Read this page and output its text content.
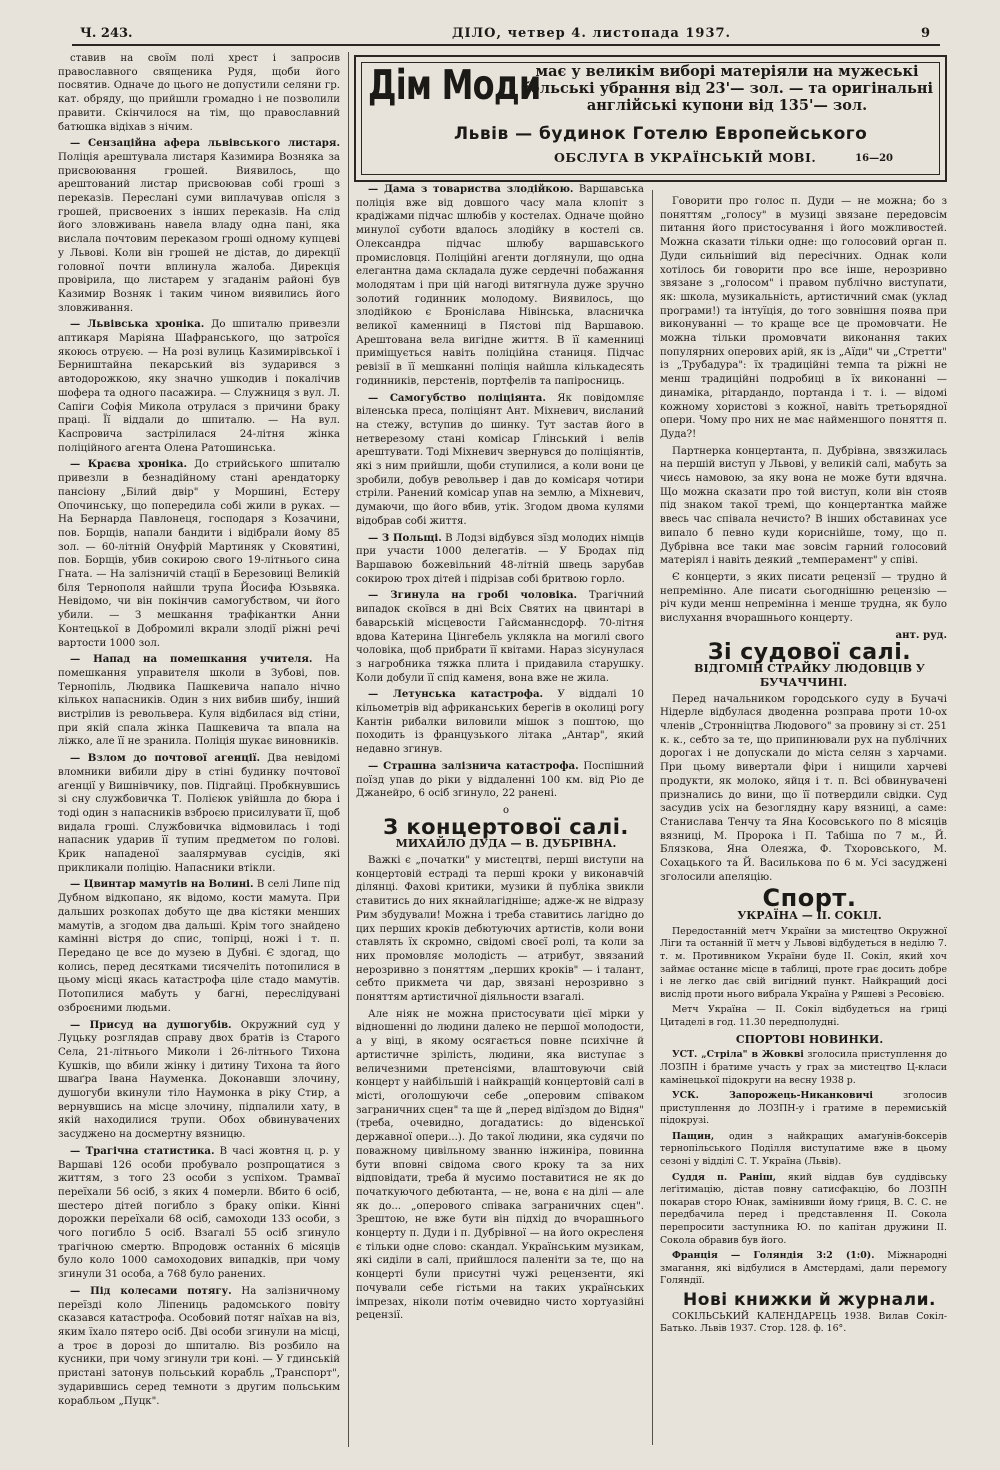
Ч. 243.	ДІЛО, четвер 4. листопада 1937.	9

ставив на своїм полі хрест і запросив православного священика Рудя, щоби його посвятив. Одначе до цього не допустили селяни гр. кат. обряду, що прийшли громадно і не позволили правити. Скінчилося на тім, що православний батюшка відіхав з нічим.

— Сензаційна афера львівського листаря. Поліція арештувала листаря Казимира Возняка за присвоювання грошей. Виявилось, що арештований листар присвоював собі гроші з переказів. Переслані суми виплачував опісля з грошей, присвоених з інших переказів. На слід його зловживань навела владу одна пані, яка вислала почтовим переказом гроші одному купцеві у Львові. Коли він грошей не дістав, до дирекції головної почти вплинула жалоба. Дирекція провірила, що листарем у згаданім районі був Казимир Возняк і таким чином виявились його зловживання.

— Львівська хроніка. До шпиталю привезли аптикаря Маріяна Шафранського, що затроїся якоюсь отруєю. — На розі вулиць Казимирівської і Берништайна пекарський віз зударився з автодорожкою, яку значно ушкодив і покалічив шофера та одного пасажира. — Служниця з вул. Л. Сапіги Софія Микола отрулася з причини браку праці. Її віддали до шпиталю. — На вул. Каспровича застрілилася 24-літня жінка поліційного агента Олена Ратошинська.

— Краєва хроніка. До стрийського шпиталю привезли в безнадійному стані арендаторку пансіону „Білий двір" у Моршині, Естеру Опочинську, що попередила собі жили в руках. — На Бернарда Павлонеця, господаря з Козачини, пов. Борщів, напали бандити і відібрали йому 85 зол. — 60-літній Онуфрій Мартиняк у Сковятині, пов. Борщів, убив сокирою свого 19-літнього сина Гната. — На залізничій стації в Березовиці Великій біля Тернополя найшли трупа Йосифа Юзьвяка. Невідомо, чи він покінчив самогубством, чи його убили. — З мешкання трафікантки Анни Контецької в Добромилі вкрали злодії ріжні речі вартости 1000 зол.

— Напад на помешкання учителя. На помешкання управителя школи в Зубові, пов. Тернопіль, Людвика Пашкевича напало нічно кількох напасників. Один з них вибив шибу, інший вистрілив із револьвера. Куля відбилася від стіни, при якій спала жінка Пашкевича та впала на ліжко, але її не зранила. Поліція шукає виновників.

— Взлом до почтової агенції. Два невідомі вломники вибили діру в стіні будинку почтової агенції у Вишнівчику, пов. Підгайці. Пробкнувшись зі сну службовичка Т. Полієюк увійшла до бюра і тоді один з напасників взброєю присилувати її, щоб видала гроші. Службовичка відмовилась і тоді напасник ударив її тупим предметом по голові. Крик нападеної заалярмував сусідів, які прикликали поліцію. Напасники втікли.

— Цвинтар мамутів на Волині. В селі Липе під Дубном відкопано, як відомо, кости мамута. При дальших розкопах добуто ще два кістяки менших мамутів, а згодом два дальші. Крім того знайдено камінні вістря до спис, топірці, ножі і т. п. Передано це все до музею в Дубні. Є здогад, що колись, перед десятками тисячеліть потопилися в цьому місці якась катастрофа ціле стадо мамутів. Потопилися мабуть у багні, переслідувані озброєними людьми.

— Присуд на душогубів. Окружний суд у Луцьку розглядав справу двох братів із Старого Села, 21-літнього Миколи і 26-літнього Тихона Кушків, що вбили жінку і дитину Тихона та його шваґра Івана Науменка. Доконавши злочину, душогуби вкинули тіло Наумонка в ріку Стир, а вернувшись на місце злочину, підпалили хату, в якій находилися трупи. Обох обвинувачених засуджено на досмертну вязницю.

— Трагічна статистика. В часі жовтня ц. р. у Варшаві 126 особи пробувало розпрощатися з життям, з того 23 особи з успіхом. Трамваї переїхали 56 осіб, з яких 4 померли. Вбито 6 осіб, шестеро дітей погибло з браку опіки. Кінні дорожки переїхали 68 осіб, самоходи 133 особи, з чого погибло 5 осіб. Взагалі 55 осіб згинуло трагічною смертю. Впродовж останніх 6 місяців було коло 1000 самоходових випадків, при чому згинули 31 особа, а 768 було ранених.

— Під колесами потягу. На залізничному переїзді коло Ліпениць радомського повіту сказався катастрофа. Особовий потяг наїхав на віз, яким їхало пятеро осіб. Дві особи згинули на місці, а троє в дорозі до шпиталю. Віз розбило на кусники, при чому згинули три коні. — У гдинській пристані затонув польський корабль „Транспорт", зударившись серед темноти з другим польським корабльом „Пуцк".

Дім Моди
має у великім виборі матеріяли на мужеські бельські убрання від 23'— зол. — та оригінальні англійські купони від 135'— зол.
Львів — будинок Готелю Европейського
ОБСЛУГА В УКРАЇНСЬКІЙ МОВІ.	16—20

— Дама з товариства злодійкою. Варшавська поліція вже від довшого часу мала клопіт з крадіжами підчас шлюбів у костелах. Одначе щойно минулої суботи вдалось злодійку в костелі св. Олександра підчас шлюбу варшавського промисловця. Поліційні агенти доглянули, що одна елегантна дама складала дуже сердечні побажання молодятам і при цій нагоді витягнула дуже зручно золотий годинник молодому. Виявилось, що злодійкою є Броніслава Нівінська, власничка великої каменниці в Пястові під Варшавою. Арештована вела вигідне життя. В її каменниці приміщується навіть поліційна станиця. Підчас ревізії в її мешканні поліція найшла кількадесять годинників, перстенів, портфелів та папіросниць.

— Самогубство поліціянта. Як повідомляє віленська преса, поліціянт Ант. Міхневич, висланий на стежу, вступив до шинку. Тут застав його в нетверезому стані комісар Ґлінський і велів арештувати. Тоді Міхневич звернувся до поліціянтів, які з ним прийшли, щоби ступилися, а коли вони це зробили, добув револьвер і дав до комісаря чотири стріли. Ранений комісар упав на землю, а Міхневич, думаючи, що його вбив, утік. Згодом двома кулями відобрав собі життя.

— З Польщі. В Лодзі відбувся зїзд молодих німців при участи 1000 делегатів. — У Бродах під Варшавою божевільний 48-літній швець зарубав сокирою трох дітей і підрізав собі бритвою горло.

— Згинула на гробі чоловіка. Трагічний випадок скоївся в дні Всіх Святих на цвинтарі в баварській місцевости Гайсманнсдорф. 70-літня вдова Катерина Цінгебель уклякла на могилі свого чоловіка, щоб прибрати її квітами. Нараз зісунулася з нагробника тяжка плита і придавила старушку. Коли добули її спід каменя, вона вже не жила.

— Летунська катастрофа. У віддалі 10 кільометрів від африканських берегів в околиці рогу Кантін рибалки виловили мішок з поштою, що походить із французького літака „Антар", який недавно згинув.

— Страшна залізнича катастрофа. Поспішний поїзд упав до ріки у віддаленні 100 км. від Ріо де Джанейро, 6 осіб згинуло, 22 ранені.

о

З концертової салі.

МИХАЙЛО ДУДА — В. ДУБРІВНА.

Важкі є „початки" у мистецтві, перші виступи на концертовій естраді та перші кроки у виконавчій ділянці. Фахові критики, музики й публіка звикли ставитись до них якнайлагідніше; адже-ж не відразу Рим збудували! Можна і треба ставитись лагідно до цих перших кроків дебютуючих артистів, коли вони ставлять їх скромно, свідомі своєї ролі, та коли за них промовляє молодість — атрибут, звязаний нерозривно з поняттям „перших кроків" — і талант, себто прикмета чи дар, звязані нерозривно з поняттям артистичної діяльности взагалі.

Але ніяк не можна пристосувати цієї мірки у відношенні до людини далеко не першої молодости, а у віці, в якому осягається повне психічне й артистичне зрілість, людини, яка виступає з величезними претенсіями, влаштовуючи свій концерт у найбільшій і найкращій концертовій салі в місті, оголошуючи себе „оперовим співаком заграничних сцен" та ще й „перед відїздом до Відня" (треба, очевидно, догадатись: до віденської державної опери...). До такої людини, яка судячи по поважному цивільному званню інжиніра, повинна бути вповні свідома свого кроку та за них відповідати, треба й мусимо поставитися не як до початкуючого дебютанта, — не, вона є на ділі — але як до... „оперового співака заграничних сцен". Зрештою, не вже бути він підхід до вчорашнього концерту п. Дуди і п. Дубрівної — на його окресленя є тільки одне слово: скандал. Українським музикам, які сиділи в салі, прийшлося паленіти за те, що на концерті були присутні чужі рецензенти, які почували себе гістьми на таких українських імпрезах, ніколи потім очевидно чисто хортуазійні рецензії.

Говорити про голос п. Дуди — не можна; бо з поняттям „голосу" в музиці звязане передовсім питання його пристосування і його можливостей. Можна сказати тільки одне: що голосовий орган п. Дуди сильніший від пересічних. Однак коли хотілось би говорити про все інше, нерозривно звязане з „голосом" і правом публічно виступати, як: школа, музикальність, артистичний смак (уклад програми!) та інтуїція, до того зовнішня поява при виконуванні — то краще все це промовчати. Не можна тільки промовчати виконання таких популярних оперових арій, як із „Аїди" чи „Стретти" із „Трубадура": їх традиційні темпа та ріжні не менш традиційні подробиці в їх виконанні — динаміка, рітардандо, портанда і т. і. — відомі кожному хористові з кожної, навіть третьорядної опери. Чому про них не має найменшого поняття п. Дуда?!

Партнерка концертанта, п. Дубрівна, звязжилась на першій виступ у Львові, у великій салі, мабуть за чиєсь намовою, за яку вона не може бути вдячна. Що можна сказати про той виступ, коли він стояв під знаком такої тремі, що концертантка майже ввесь час співала нечисто? В інших обставинах усе випало б певно куди кориснійше, тому, що п. Дубрівна все таки має зовсім гарний голосовий матеріял і навіть деякий „темперамент" у співі.

Є концерти, з яких писати рецензії — трудно й непремінно. Але писати сьогоднішню рецензію — річ куди менш непремінна і менше трудна, як було вислухання вчорашнього концерту.

ант. руд.

Зі судової салі.

ВІДГОМІН СТРАЙКУ ЛЮДОВЦІВ У БУЧАЧЧИНІ.

Перед начальником городського суду в Бучачі Нідерле відбулася дводенна розправа проти 10-ох членів „Стронніцтва Людового" за провину зі ст. 251 к. к., себто за те, що припинювали рух на публічних дорогах і не допускали до міста селян з харчами. При цьому вивертали фіри і нищили харчеві продукти, як молоко, яйця і т. п. Всі обвинувачені признались до вини, що її потвердили свідки. Суд засудив усіх на безоглядну кару вязниці, а саме: Станислава Тенчу та Яна Косовського по 8 місяців вязниці, М. Пророка і П. Табіша по 7 м., Й. Блязкова, Яна Олеяжа, Ф. Тхоровського, М. Сохацького та Й. Василькова по 6 м. Усі засуджені зголосили апеляцію.

Спорт.

УКРАЇНА — II. СОКІЛ.

Передостанній метч України за мистецтво Окружної Ліги та останній її метч у Львові відбудеться в неділю 7. т. м. Противником України буде II. Сокіл, який хоч займає останнє місце в таблиці, проте грає досить добре і не легко дає свій вигідний пункт. Найкращий досі вислід проти нього вибрала Україна у Ряшеві з Ресовією.

Метч Україна — II. Сокіл відбудеться на ґриці Цитаделі в год. 11.30 передполудні.

СПОРТОВІ НОВИНКИ.

УСТ. „Стріла" в Жовкві зголосила приступлення до ЛОЗПН і братиме участь у грах за мистецтво Ц-класи камінецької підокруги на весну 1938 р.

УСК. Запорожець-Никанковичі зголосив приступлення до ЛОЗПН-у і гратиме в перемиській підокрузі.

Пащин, один з найкращих амаґунів-боксерів тернопільського Поділля виступатиме вже в цьому сезоні у відділі С. Т. Україна (Львів).

Суддя п. Раніш, який віддав був суддівську леґітимацію, дістав повну сатисфакцію, бо ЛОЗПН покарав сторо Юнак, замінивши йому ґриця, В. С. С. не передбачила перед і представлення II. Сокола перепросити заступника Ю. по капітан дружини II. Сокола обравив був його.

Франція — Голяндія 3:2 (1:0). Міжнародні змагання, які відбулися в Амстердамі, дали перемогу Голяндії.

Нові книжки й журнали.

СОКІЛЬСЬКИЙ КАЛЕНДАРЕЦЬ 1938. Вилав Сокіл-Батько. Львів 1937. Стор. 128. ф. 16°.
